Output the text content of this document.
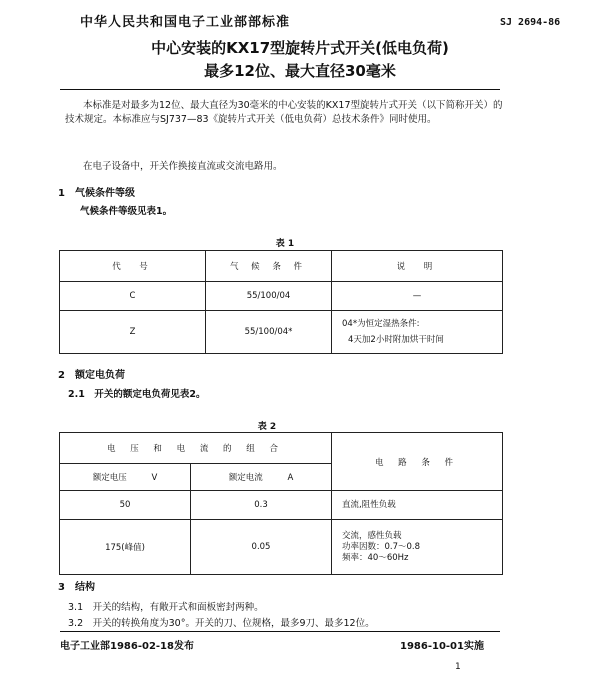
中华人民共和国电子工业部部标准	SJ 2694-86
中心安装的KX17型旋转片式开关(低电负荷)
最多12位、最大直径30毫米
本标准是对最多为12位、最大直径为30毫米的中心安装的KX17型旋转片式开关（以下简称开关）的技术规定。本标准应与SJ737—83《旋转片式开关（低电负荷）总技术条件》同时使用。
在电子设备中，开关作换接直流或交流电路用。
1　气候条件等级
气候条件等级见表1。
表 1
代　号	气 候 条 件	说　明
C	55/100/04	—
Z	55/100/04*	04*为恒定湿热条件:
4天加2小时附加烘干时间
2　额定电负荷
2.1　开关的额定电负荷见表2。
表 2
电 压 和 电 流 的 组 合		电 路 条 件
额定电压 V	额定电流 A	
50	0.3	直流,阻性负载
175(峰值)	0.05	交流，感性负载
功率因数：0.7～0.8
频率：40～60Hz
3　结构
3.1　开关的结构，有敞开式和面板密封两种。
3.2　开关的转换角度为30°。开关的刀、位规格，最多9刀、最多12位。
电子工业部1986-02-18发布	1986-10-01实施
1
